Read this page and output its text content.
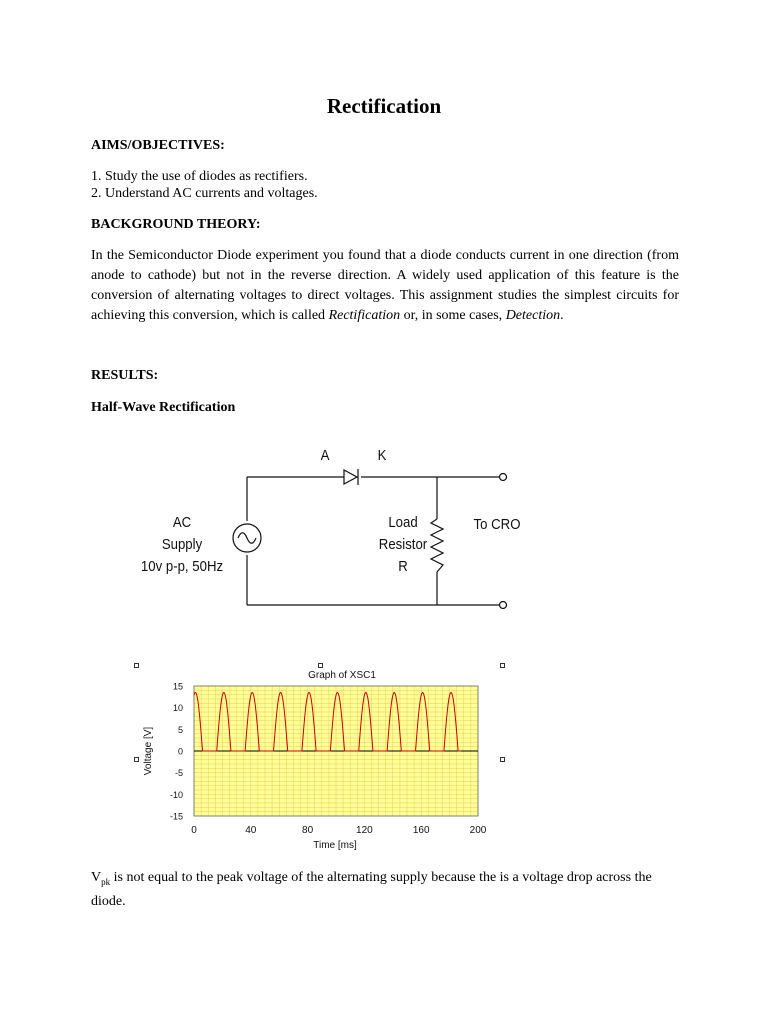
Rectification
AIMS/OBJECTIVES:
1. Study the use of diodes as rectifiers.
2. Understand AC currents and voltages.
BACKGROUND THEORY:
In the Semiconductor Diode experiment you found that a diode conducts current in one direction (from anode to cathode) but not in the reverse direction. A widely used application of this feature is the conversion of alternating voltages to direct voltages. This assignment studies the simplest circuits for achieving this conversion, which is called Rectification or, in some cases, Detection.
RESULTS:
Half-Wave Rectification
A	K
AC
Supply
10v p-p, 50Hz
Load
Resistor
R
To CRO
Graph of XSC1
Time [ms]
Voltage [V]
0	40	80	120	160	200
15
10
5
0
-5
-10
-15
$V_{pk}$ is not equal to the peak voltage of the alternating supply because the is a voltage drop across the diode.
